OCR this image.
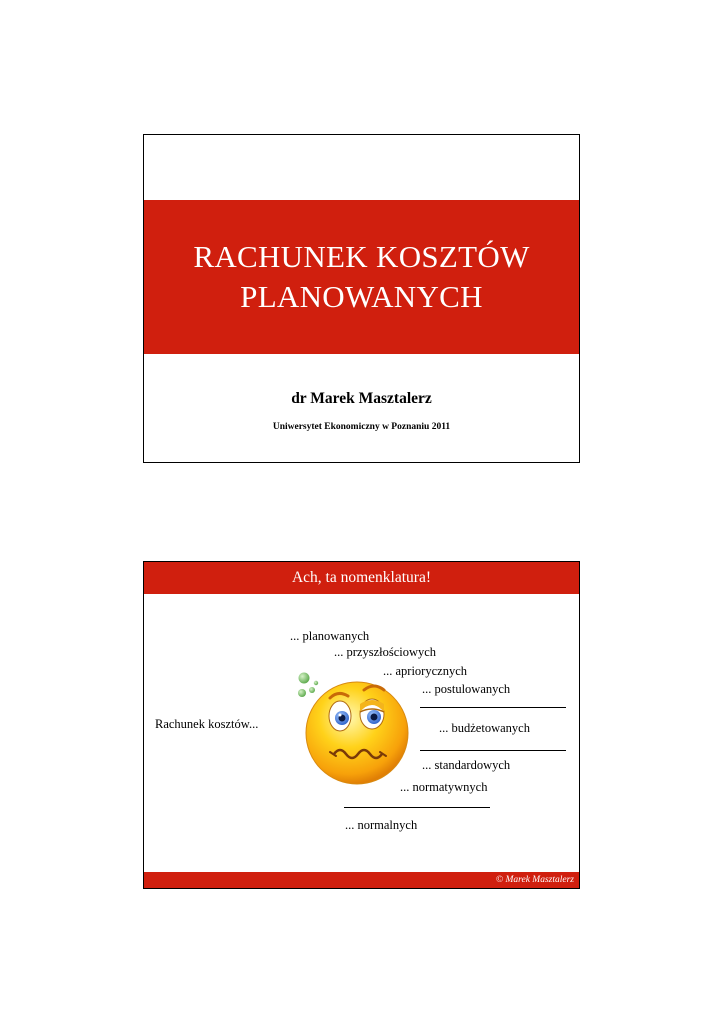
RACHUNEK KOSZTÓW
PLANOWANYCH
dr Marek Masztalerz
Uniwersytet Ekonomiczny w Poznaniu 2011
Ach, ta nomenklatura!
... planowanych
... przyszłościowych
... apriorycznych
... postulowanych
Rachunek kosztów...	... budżetowanych
... standardowych
... normatywnych
... normalnych
© Marek Masztalerz
